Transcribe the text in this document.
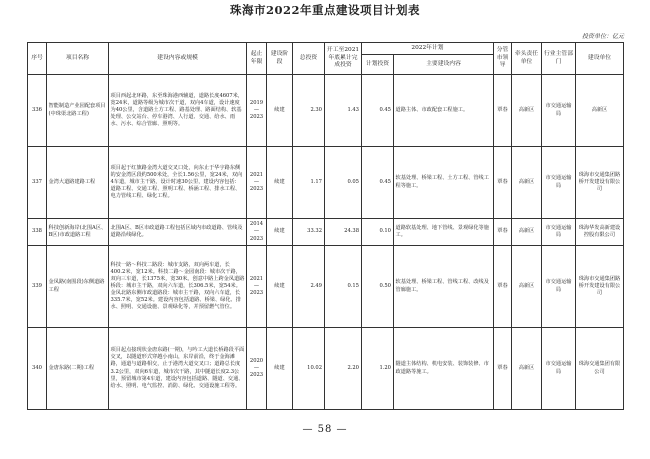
珠海市2022年重点建设项目计划表
投资单位：亿元
序号	项目名称	建设内容或规模	起止年限	建设阶段	总投资	开工至2021年底累计完成投资	2022年计划		分管市领导	牵头责任单位	行业主管部门	建设单位
							计划投资	主要建设内容				
336	智能制造产业园配套项目(中珠渠北路工程)	项目西起北环路，东至珠海港西辅道，道路长度4607米，宽24米，道路等级为城市次干道，双向4车道，设计速度为40公里，含道路土方工程、路基处理、路面结构、软基处理、公交站台、停车港湾、人行道、交通、给水、雨水、污水、综合管廊、照明等。	2019—2023	续建	2.30	1.43	0.45	道路主体、市政配套工程施工。	覃春	高新区	市交通运输局	高新区
337	金湾大道路建路工程	项目起于红旗路金湾大道交叉口处，向东止于华宇路东侧的安金湾区段约500米处，全长1.56公里，宽24米，双向4车道，城市主干路，设计时速30公里，建设内容包括：道路工程、交通工程、照明工程、桥涵工程、排水工程、电力管线工程、绿化工程。	2021—2023	续建	1.17	0.05	0.45	软基处理、桥梁工程、土方工程、管线工程等施工。	覃春	高新区	市交通运输局	珠海市交通集团路桥开发建设有限公司
338	科技创新海岸(北围A区、B区)市政道路工程	北围A区、B区市政道路工程包括区域内市政道路、管线及道路沿线绿化。	2014—2023	续建	33.32	24.38	0.10	道路软基处理、地下管线、景观绿化等施工。	覃春	高新区	市交通运输局	珠海华发高新建设控股有限公司
339	金凤路(南围段)东侧道路工程	科技一路～科技二路段：城市支路，双向两车道，长400.2米，宽12米。科技二路～金园南段：城市次干路，双向三车道，长1375米，宽30米。创意中路上跨金凤道路桥段：城市主干路，双向六车道，长306.5米，宽54米。金凤北路东侧市政道路段：城市主干路，双向六车道，长335.7米，宽52米。建设内容包括道路、桥梁、绿化、排水、照明、交通设施、景观绿化等，并预留燃气管位。	2021—2023	续建	2.49	0.15	0.50	软基处理、桥梁工程、管线工程、改线及管廊施工。	覃春	高新区	市交通运输局	珠海市交通集团路桥开发建设有限公司
340	金唐东路(二期)工程	项目起点接现状金唐东路(一期)，与吟工大道长桥路段平面交叉，以隧道形式穿越小南山，东岸前沿，终于金海滩路，通道与道路相交，止于港湾大道交叉口；道路总长度3.2公里，双向6车道，城市次干路，其中隧道长度2.3公里，预留城市第4车道，建设内容包括道路、隧道、交通、给水、照明、电气监控、消防、绿化、交通设施工程等。	2020—2023	续建	10.02	2.20	1.20	隧道主体结构、机电安装、装饰装修、市政道路等施工。	覃春	高新区	市交通运输局	珠海交通集团有限公司
— 58 —
